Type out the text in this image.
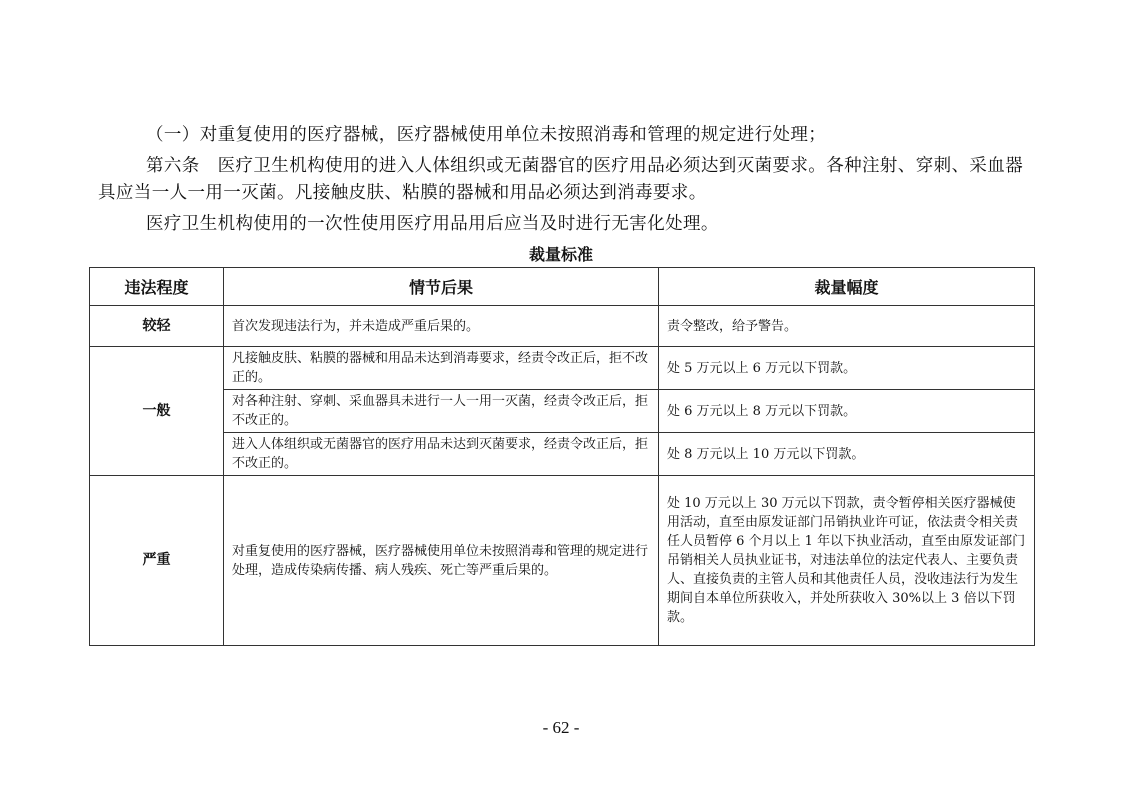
（一）对重复使用的医疗器械，医疗器械使用单位未按照消毒和管理的规定进行处理；

第六条　医疗卫生机构使用的进入人体组织或无菌器官的医疗用品必须达到灭菌要求。各种注射、穿刺、采血器具应当一人一用一灭菌。凡接触皮肤、粘膜的器械和用品必须达到消毒要求。

医疗卫生机构使用的一次性使用医疗用品用后应当及时进行无害化处理。

裁量标准
违法程度	情节后果	裁量幅度
较轻	首次发现违法行为，并未造成严重后果的。	责令整改，给予警告。
一般	凡接触皮肤、粘膜的器械和用品未达到消毒要求，经责令改正后，拒不改正的。	处 5 万元以上 6 万元以下罚款。
	对各种注射、穿刺、采血器具未进行一人一用一灭菌，经责令改正后，拒不改正的。	处 6 万元以上 8 万元以下罚款。
	进入人体组织或无菌器官的医疗用品未达到灭菌要求，经责令改正后，拒不改正的。	处 8 万元以上 10 万元以下罚款。
严重	对重复使用的医疗器械，医疗器械使用单位未按照消毒和管理的规定进行处理，造成传染病传播、病人残疾、死亡等严重后果的。	处 10 万元以上 30 万元以下罚款，责令暂停相关医疗器械使用活动，直至由原发证部门吊销执业许可证，依法责令相关责任人员暂停 6 个月以上 1 年以下执业活动，直至由原发证部门吊销相关人员执业证书，对违法单位的法定代表人、主要负责人、直接负责的主管人员和其他责任人员，没收违法行为发生期间自本单位所获收入，并处所获收入 30%以上 3 倍以下罚款。
- 62 -
